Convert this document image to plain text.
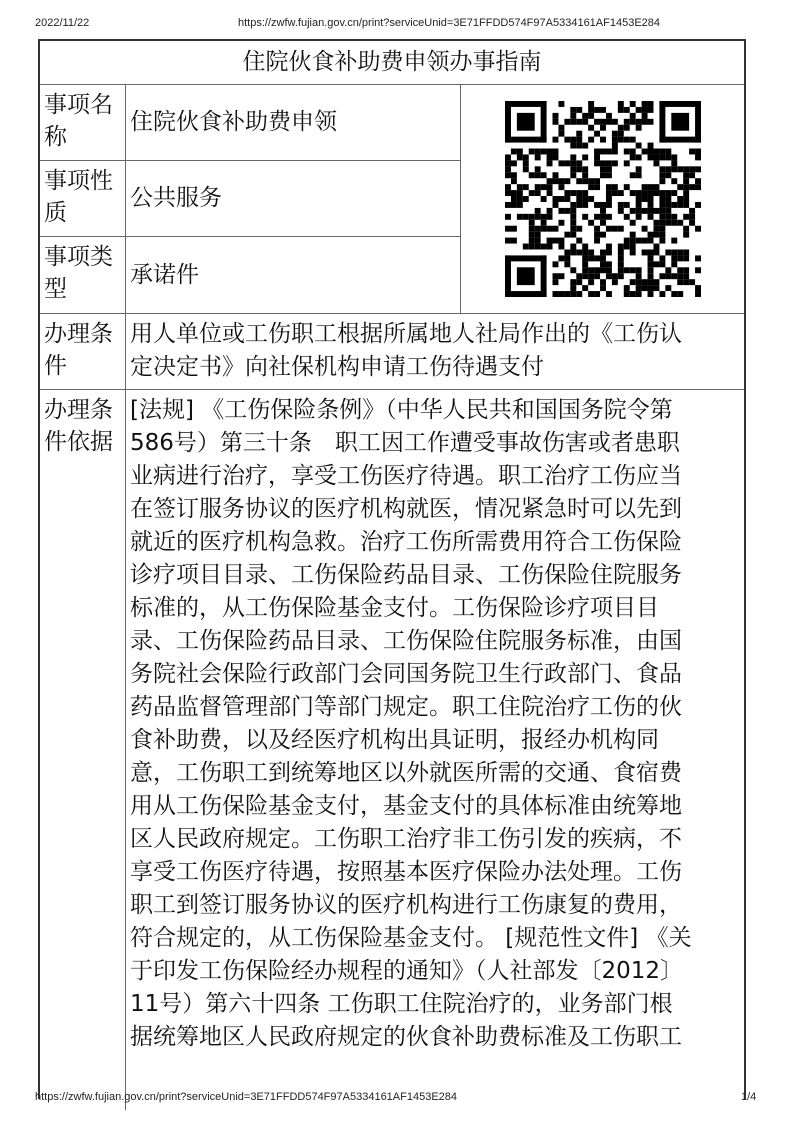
2022/11/22	https://zwfw.fujian.gov.cn/print?serviceUnid=3E71FFDD574F97A5334161AF1453E284
住院伙食补助费申领办事指南
事项名
称
住院伙食补助费申领
事项性
质
公共服务
事项类
型
承诺件
办理条
件
用人单位或工伤职工根据所属地人社局作出的《工伤认
定决定书》向社保机构申请工伤待遇支付
办理条
件依据
[法规] 《工伤保险条例》（中华人民共和国国务院令第
586号）第三十条　职工因工作遭受事故伤害或者患职
业病进行治疗，享受工伤医疗待遇。职工治疗工伤应当
在签订服务协议的医疗机构就医，情况紧急时可以先到
就近的医疗机构急救。治疗工伤所需费用符合工伤保险
诊疗项目目录、工伤保险药品目录、工伤保险住院服务
标准的，从工伤保险基金支付。工伤保险诊疗项目目
录、工伤保险药品目录、工伤保险住院服务标准，由国
务院社会保险行政部门会同国务院卫生行政部门、食品
药品监督管理部门等部门规定。职工住院治疗工伤的伙
食补助费，以及经医疗机构出具证明，报经办机构同
意，工伤职工到统筹地区以外就医所需的交通、食宿费
用从工伤保险基金支付，基金支付的具体标准由统筹地
区人民政府规定。工伤职工治疗非工伤引发的疾病，不
享受工伤医疗待遇，按照基本医疗保险办法处理。工伤
职工到签订服务协议的医疗机构进行工伤康复的费用，
符合规定的，从工伤保险基金支付。 [规范性文件] 《关
于印发工伤保险经办规程的通知》（人社部发〔2012〕
11号）第六十四条 工伤职工住院治疗的，业务部门根
据统筹地区人民政府规定的伙食补助费标准及工伤职工
https://zwfw.fujian.gov.cn/print?serviceUnid=3E71FFDD574F97A5334161AF1453E284	1/4
